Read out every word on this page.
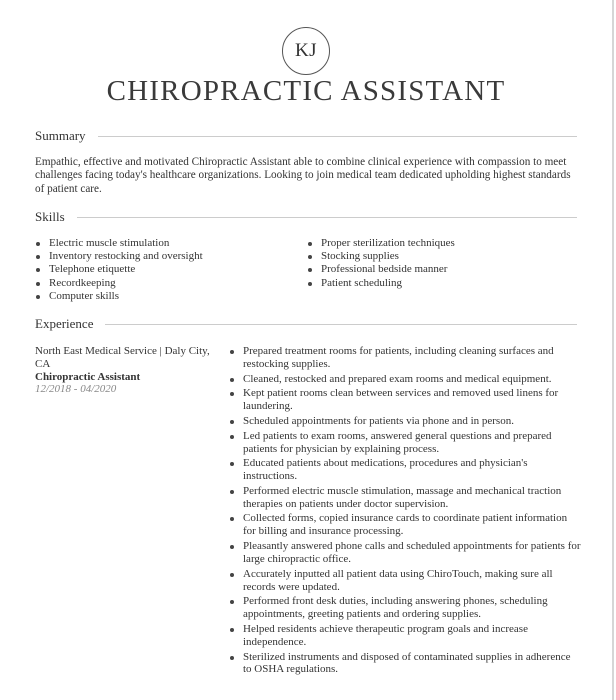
KJ
CHIROPRACTIC ASSISTANT
Summary

Empathic, effective and motivated Chiropractic Assistant able to combine clinical experience with compassion to meet challenges facing today's healthcare organizations. Looking to join medical team dedicated upholding highest standards of patient care.

Skills
Electric muscle stimulation
Inventory restocking and oversight
Telephone etiquette
Recordkeeping
Computer skills
Proper sterilization techniques
Stocking supplies
Professional bedside manner
Patient scheduling
Experience
North East Medical Service | Daly City, CA
Chiropractic Assistant
12/2018 - 04/2020
Prepared treatment rooms for patients, including cleaning surfaces and restocking supplies.
Cleaned, restocked and prepared exam rooms and medical equipment.
Kept patient rooms clean between services and removed used linens for laundering.
Scheduled appointments for patients via phone and in person.
Led patients to exam rooms, answered general questions and prepared patients for physician by explaining process.
Educated patients about medications, procedures and physician's instructions.
Performed electric muscle stimulation, massage and mechanical traction therapies on patients under doctor supervision.
Collected forms, copied insurance cards to coordinate patient information for billing and insurance processing.
Pleasantly answered phone calls and scheduled appointments for patients for large chiropractic office.
Accurately inputted all patient data using ChiroTouch, making sure all records were updated.
Performed front desk duties, including answering phones, scheduling appointments, greeting patients and ordering supplies.
Helped residents achieve therapeutic program goals and increase independence.
Sterilized instruments and disposed of contaminated supplies in adherence to OSHA regulations.
